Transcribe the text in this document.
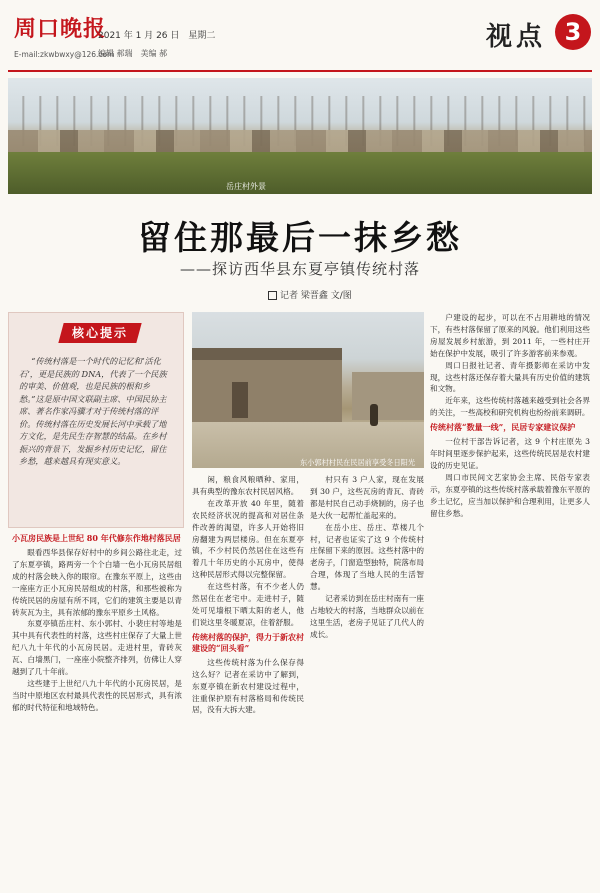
周口晚报
E-mail:zkwbwxy@126.com
2021 年 1 月 26 日　星期二
编辑 郝瑞　美编 郝
视点 3
岳庄村外景
留住那最后一抹乡愁
——探访西华县东夏亭镇传统村落
记者 梁晋鑫 文/图
核心提示
“传统村落是一个时代的记忆和‘活化石’，更是民族的 DNA，代表了一个民族的审美、价值观，也是民族的根和乡愁。”这是原中国文联副主席、中国民协主席、著名作家冯骥才对于传统村落的评价。传统村落在历史发展长河中承载了地方文化，是先民生存智慧的结晶。在乡村振兴的背景下，发掘乡村历史记忆，留住乡愁，越来越具有现实意义。	东小郭村村民在民居前享受冬日阳光
小瓦房民族是上世纪 80 年代修东作地村落民居

眼看西华县保存好村中的乡间公路往北走，过了东夏亭镇，路两旁一个个白墙一色小瓦房民居组成的村落会映入你的眼帘。在豫东平原上，这些由一座座方正小瓦房民居组成的村落，和那些被称为传统民居的房屋有所不同，它们的建筑主要是以青砖灰瓦为主，具有浓郁的豫东平原乡土风格。

东夏亭镇岳庄村、东小郭村、小裴庄村等地是其中具有代表性的村落，这些村庄保存了大量上世纪八九十年代的小瓦房民居。走进村里，青砖灰瓦、白墙黑门，一座座小院整齐排列，仿佛让人穿越到了几十年前。

这些建于上世纪八九十年代的小瓦房民居，是当时中原地区农村最具代表性的民居形式，具有浓郁的时代特征和地域特色。

闲，粮食风粮晒种、家用，具有典型的豫东农村民居风格。

在改革开放 40 年里，随着农民经济状况的提高和对居住条件改善的渴望，许多人开始将旧房翻建为两层楼房。但在东夏亭镇，不少村民仍然居住在这些有着几十年历史的小瓦房中，使得这种民居形式得以完整保留。

在这些村落，有不少老人仍然居住在老宅中。走进村子，随处可见墙根下晒太阳的老人，他们说这里冬暖夏凉，住着舒服。

传统村落的保护，得力于新农村建设的“回头看”

这些传统村落为什么保存得这么好？记者在采访中了解到，东夏亭镇在新农村建设过程中，注重保护原有村落格局和传统民居，没有大拆大建。

村只有 3 户人家，现在发展到 30 户，这些瓦房的青瓦、青砖都是村民自己动手烧制的，房子也是大伙一起帮忙盖起来的。

在岳小庄、岳庄、草楼几个村，记者也证实了这 9 个传统村庄保留下来的原因。这些村落中的老房子，门窗造型独特，院落布局合理，体现了当地人民的生活智慧。

记者采访到在岳庄村南有一座占地较大的村落，当地群众以前在这里生活，老房子见证了几代人的成长。

户建设的起步，可以在不占用耕地的情况下，有些村落保留了原来的风貌。他们利用这些房屋发展乡村旅游，到 2011 年，一些村庄开始在保护中发展，吸引了许多游客前来参观。

周口日报社记者、青年摄影师在采访中发现，这些村落还保存着大量具有历史价值的建筑和文物。

近年来，这些传统村落越来越受到社会各界的关注，一些高校和研究机构也纷纷前来调研。

传统村落“数量一线”，民居专家建议保护

一位村干部告诉记者，这 9 个村庄原先 3 年时间里逐步保护起来，这些传统民居是农村建设的历史见证。

周口市民间文艺家协会主席、民俗专家表示，东夏亭镇的这些传统村落承载着豫东平原的乡土记忆，应当加以保护和合理利用，让更多人留住乡愁。
